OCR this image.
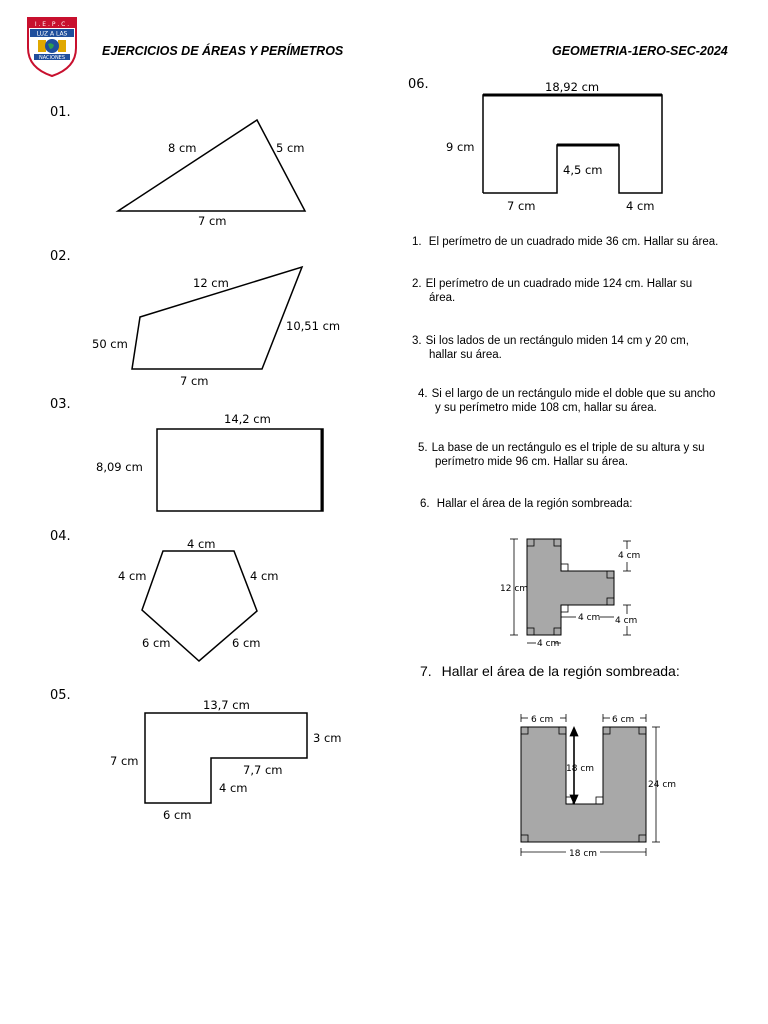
I . E . P . C .
LUZ A LAS
NACIONES	EJERCICIOS DE ÁREAS Y PERÍMETROS	GEOMETRIA-1ERO-SEC-2024
01.
02.
03.
04.
05.
06.
8 cm	5 cm
7 cm
12 cm
50 cm
10,51 cm
7 cm
14,2 cm
8,09 cm
4 cm
4 cm	4 cm
6 cm	6 cm
13,7 cm
3 cm
7 cm
7,7 cm
4 cm
6 cm
18,92 cm
9 cm
4,5 cm
7 cm	4 cm
4 cm
12 cm
4 cm 4 cm
4 cm
6 cm	6 cm
18 cm
24 cm
18 cm
1. El perímetro de un cuadrado mide 36 cm. Hallar su área.
2. El perímetro de un cuadrado mide 124 cm. Hallar su
área.
3. Si los lados de un rectángulo miden 14 cm y 20 cm,
hallar su área.
4. Si el largo de un rectángulo mide el doble que su ancho
y su perímetro mide 108 cm, hallar su área.
5. La base de un rectángulo es el triple de su altura y su
perímetro mide 96 cm. Hallar su área.
6. Hallar el área de la región sombreada:
7. Hallar el área de la región sombreada:
